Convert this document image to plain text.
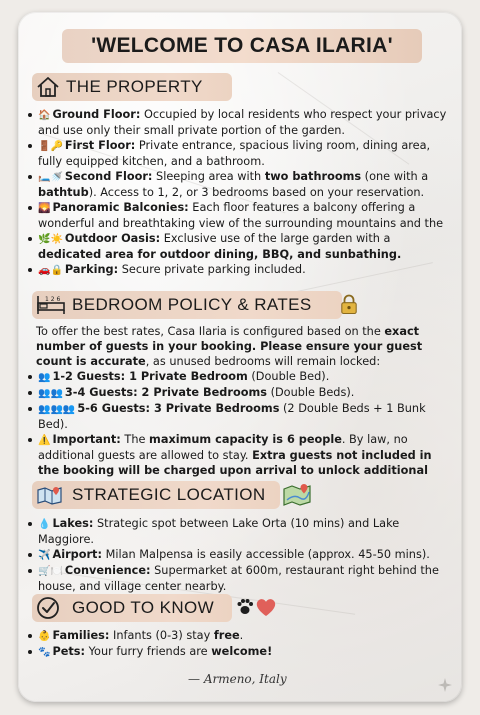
'WELCOME TO CASA ILARIA'
THE PROPERTY
🏠 Ground Floor: Occupied by local residents who respect your privacy and use only their small private portion of the garden.
🚪🔑 First Floor: Private entrance, spacious living room, dining area, fully equipped kitchen, and a bathroom.
🛏️🚿 Second Floor: Sleeping area with two bathrooms (one with a bathtub). Access to 1, 2, or 3 bedrooms based on your reservation.
🌄 Panoramic Balconies: Each floor features a balcony offering a wonderful and breathtaking view of the surrounding mountains and the
🌿☀️ Outdoor Oasis: Exclusive use of the large garden with a dedicated area for outdoor dining, BBQ, and sunbathing.
🚗🔒 Parking: Secure private parking included.
1 2 6 BEDROOM POLICY & RATES

To offer the best rates, Casa Ilaria is configured based on the exact number of guests in your booking. Please ensure your guest count is accurate, as unused bedrooms will remain locked:

👥 1-2 Guests: 1 Private Bedroom (Double Bed).
👥👥 3-4 Guests: 2 Private Bedrooms (Double Beds).
👥👥👥 5-6 Guests: 3 Private Bedrooms (2 Double Beds + 1 Bunk Bed).
⚠️ Important: The maximum capacity is 6 people. By law, no additional guests are allowed to stay. Extra guests not included in the booking will be charged upon arrival to unlock additional
STRATEGIC LOCATION
💧 Lakes: Strategic spot between Lake Orta (10 mins) and Lake Maggiore.
✈️ Airport: Milan Malpensa is easily accessible (approx. 45-50 mins).
🛒🍽️ Convenience: Supermarket at 600m, restaurant right behind the house, and village center nearby.
GOOD TO KNOW
👶 Families: Infants (0-3) stay free.
🐾 Pets: Your furry friends are welcome!
— Armeno, Italy
